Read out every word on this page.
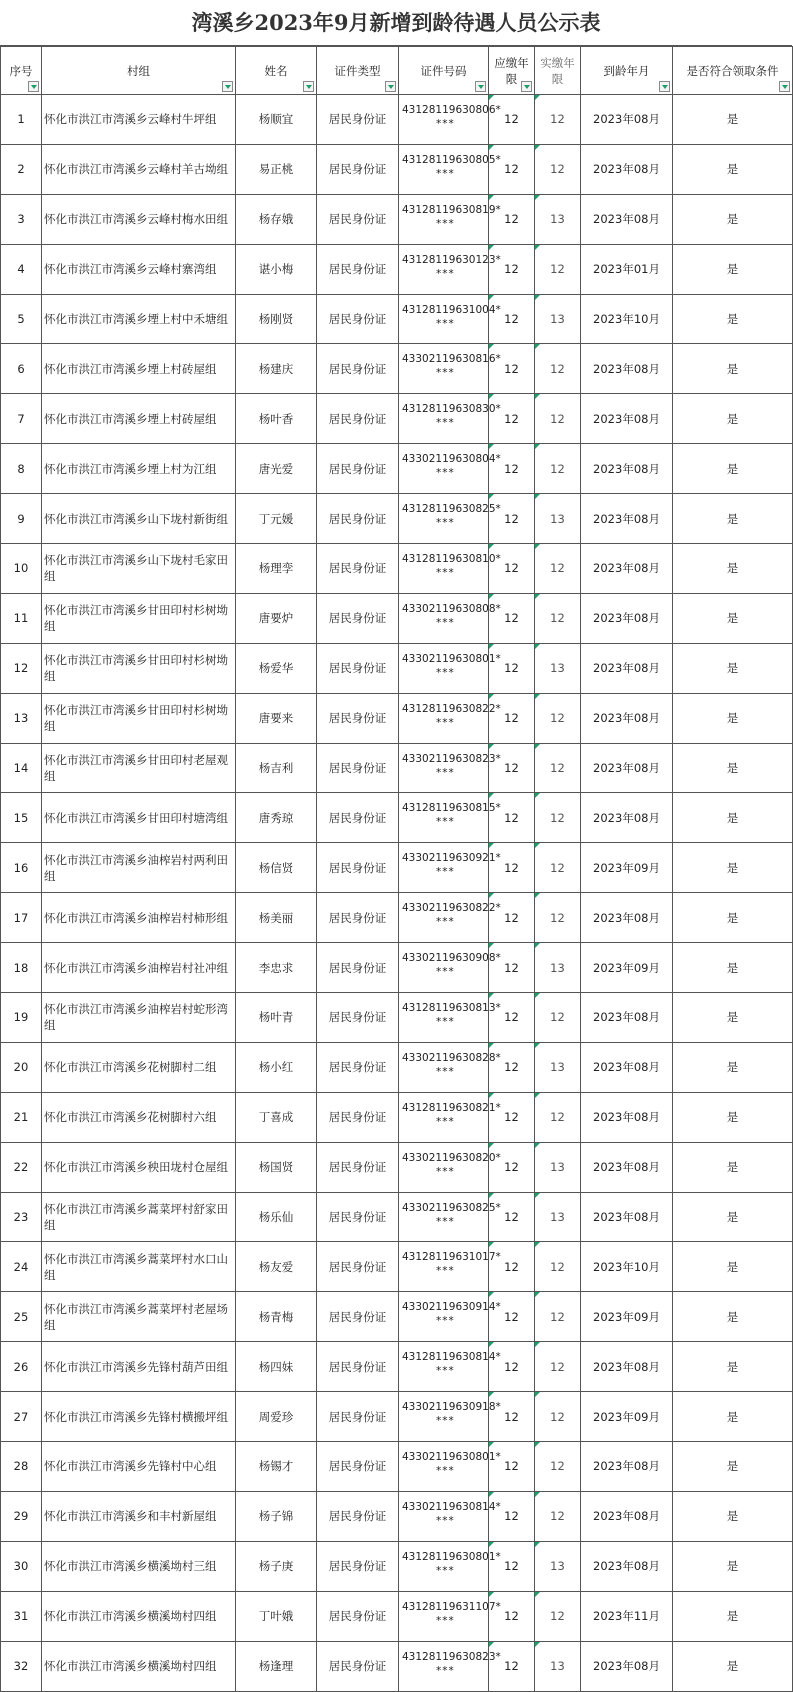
湾溪乡2023年9月新增到龄待遇人员公示表
序号	村组	姓名	证件类型	证件号码	应缴年限	实缴年限	到龄年月	是否符合领取条件

1	怀化市洪江市湾溪乡云峰村牛坪组	杨顺宜	居民身份证	43128119630806*
***	12	12	2023年08月	是
2	怀化市洪江市湾溪乡云峰村羊古坳组	易正桃	居民身份证	43128119630805*
***	12	12	2023年08月	是
3	怀化市洪江市湾溪乡云峰村梅水田组	杨存娥	居民身份证	43128119630819*
***	12	13	2023年08月	是
4	怀化市洪江市湾溪乡云峰村寨湾组	谌小梅	居民身份证	43128119630123*
***	12	12	2023年01月	是
5	怀化市洪江市湾溪乡堙上村中禾塘组	杨刚贤	居民身份证	43128119631004*
***	12	13	2023年10月	是
6	怀化市洪江市湾溪乡堙上村砖屋组	杨建庆	居民身份证	43302119630816*
***	12	12	2023年08月	是
7	怀化市洪江市湾溪乡堙上村砖屋组	杨叶香	居民身份证	43128119630830*
***	12	12	2023年08月	是
8	怀化市洪江市湾溪乡堙上村为江组	唐光爱	居民身份证	43302119630804*
***	12	12	2023年08月	是
9	怀化市洪江市湾溪乡山下垅村新街组	丁元媛	居民身份证	43128119630825*
***	12	13	2023年08月	是
10	怀化市洪江市湾溪乡山下垅村毛家田组	杨理孪	居民身份证	43128119630810*
***	12	12	2023年08月	是
11	怀化市洪江市湾溪乡甘田印村杉树坳组	唐要炉	居民身份证	43302119630808*
***	12	12	2023年08月	是
12	怀化市洪江市湾溪乡甘田印村杉树坳组	杨爱华	居民身份证	43302119630801*
***	12	13	2023年08月	是
13	怀化市洪江市湾溪乡甘田印村杉树坳组	唐要来	居民身份证	43128119630822*
***	12	12	2023年08月	是
14	怀化市洪江市湾溪乡甘田印村老屋观组	杨吉利	居民身份证	43302119630823*
***	12	12	2023年08月	是
15	怀化市洪江市湾溪乡甘田印村塘湾组	唐秀琼	居民身份证	43128119630815*
***	12	12	2023年08月	是
16	怀化市洪江市湾溪乡油榨岩村两利田组	杨信贤	居民身份证	43302119630921*
***	12	12	2023年09月	是
17	怀化市洪江市湾溪乡油榨岩村柿形组	杨美丽	居民身份证	43302119630822*
***	12	12	2023年08月	是
18	怀化市洪江市湾溪乡油榨岩村社冲组	李忠求	居民身份证	43302119630908*
***	12	13	2023年09月	是
19	怀化市洪江市湾溪乡油榨岩村蛇形湾组	杨叶青	居民身份证	43128119630813*
***	12	12	2023年08月	是
20	怀化市洪江市湾溪乡花树脚村二组	杨小红	居民身份证	43302119630828*
***	12	13	2023年08月	是
21	怀化市洪江市湾溪乡花树脚村六组	丁喜成	居民身份证	43128119630821*
***	12	12	2023年08月	是
22	怀化市洪江市湾溪乡秧田垅村仓屋组	杨国贤	居民身份证	43302119630820*
***	12	13	2023年08月	是
23	怀化市洪江市湾溪乡蒿菜坪村舒家田组	杨乐仙	居民身份证	43302119630825*
***	12	13	2023年08月	是
24	怀化市洪江市湾溪乡蒿菜坪村水口山组	杨友爱	居民身份证	43128119631017*
***	12	12	2023年10月	是
25	怀化市洪江市湾溪乡蒿菜坪村老屋场组	杨青梅	居民身份证	43302119630914*
***	12	12	2023年09月	是
26	怀化市洪江市湾溪乡先锋村葫芦田组	杨四妹	居民身份证	43128119630814*
***	12	12	2023年08月	是
27	怀化市洪江市湾溪乡先锋村横搬坪组	周爱珍	居民身份证	43302119630918*
***	12	12	2023年09月	是
28	怀化市洪江市湾溪乡先锋村中心组	杨锡才	居民身份证	43302119630801*
***	12	12	2023年08月	是
29	怀化市洪江市湾溪乡和丰村新屋组	杨子锦	居民身份证	43302119630814*
***	12	12	2023年08月	是
30	怀化市洪江市湾溪乡横溪坳村三组	杨子庚	居民身份证	43128119630801*
***	12	13	2023年08月	是
31	怀化市洪江市湾溪乡横溪坳村四组	丁叶娥	居民身份证	43128119631107*
***	12	12	2023年11月	是
32	怀化市洪江市湾溪乡横溪坳村四组	杨逢理	居民身份证	43128119630823*
***	12	13	2023年08月	是
